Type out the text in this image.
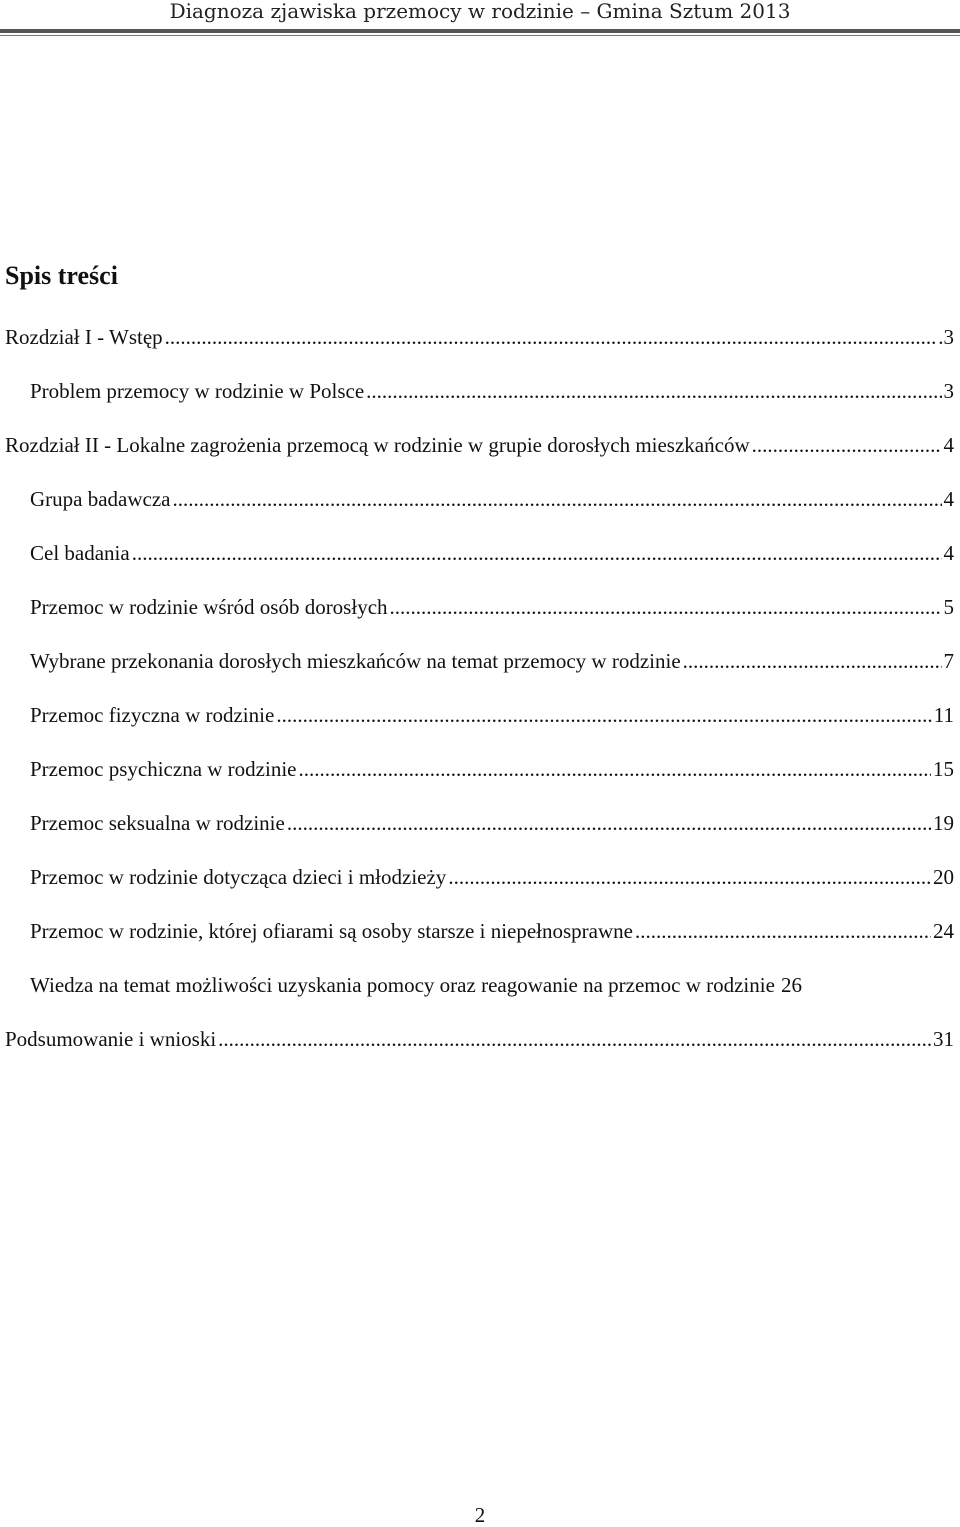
Diagnoza zjawiska przemocy w rodzinie – Gmina Sztum 2013
Spis treści
Rozdział I - Wstęp .....	.3
Problem przemocy w rodzinie w Polsce .....	3
Rozdział II - Lokalne zagrożenia przemocą w rodzinie w grupie dorosłych mieszkańców .....	4
Grupa badawcza .....	4
Cel badania .....	4
Przemoc w rodzinie wśród osób dorosłych .....	5
Wybrane przekonania dorosłych mieszkańców na temat przemocy w rodzinie .....	7
Przemoc fizyczna w rodzinie .....	11
Przemoc psychiczna w rodzinie .....	15
Przemoc seksualna w rodzinie .....	19
Przemoc w rodzinie dotycząca dzieci i młodzieży .....	20
Przemoc w rodzinie, której ofiarami są osoby starsze i niepełnosprawne .....	24
Wiedza na temat możliwości uzyskania pomocy oraz reagowanie na przemoc w rodzinie 26
Podsumowanie i wnioski .....	31
2
